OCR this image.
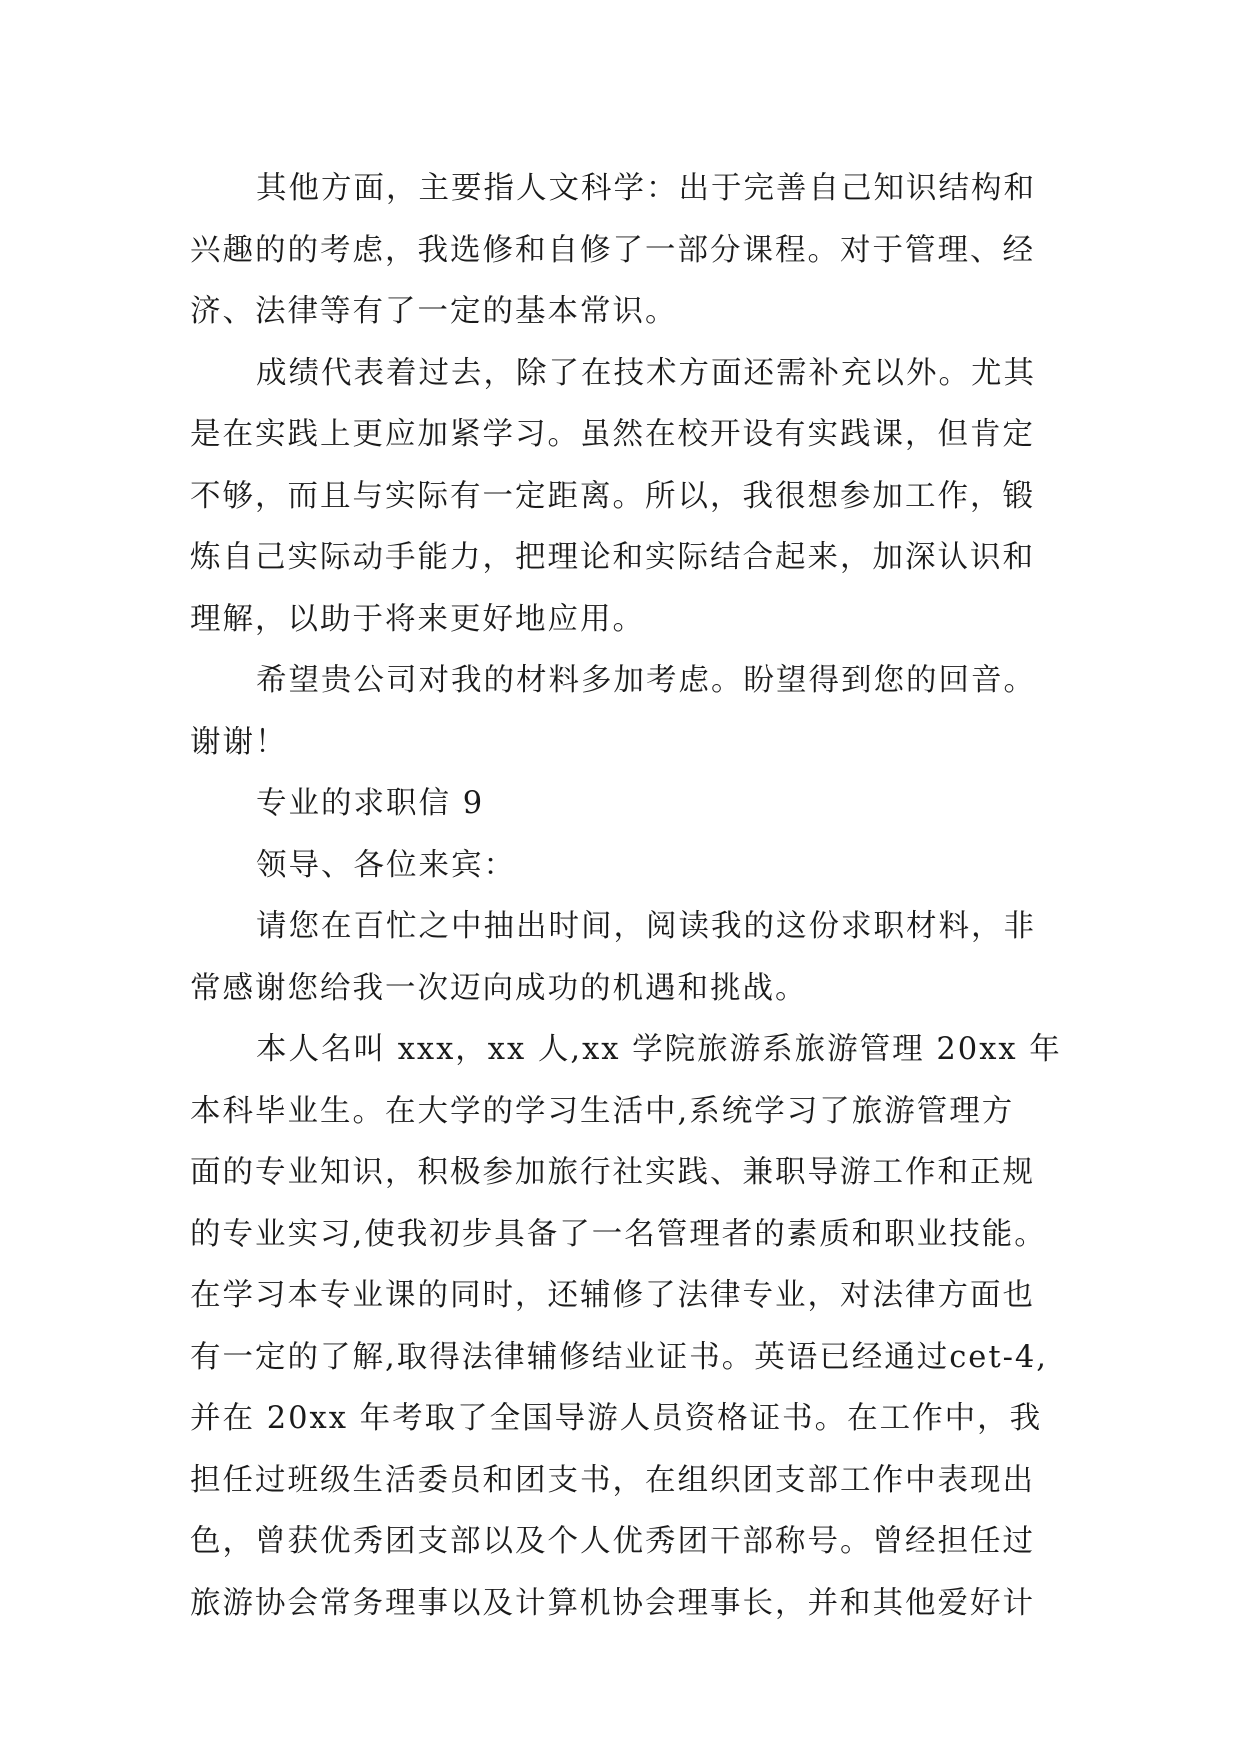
其他方面，主要指人文科学：出于完善自己知识结构和
兴趣的的考虑，我选修和自修了一部分课程。对于管理、经
济、法律等有了一定的基本常识。
成绩代表着过去，除了在技术方面还需补充以外。尤其
是在实践上更应加紧学习。虽然在校开设有实践课，但肯定
不够，而且与实际有一定距离。所以，我很想参加工作，锻
炼自己实际动手能力，把理论和实际结合起来，加深认识和
理解，以助于将来更好地应用。
希望贵公司对我的材料多加考虑。盼望得到您的回音。
谢谢！
专业的求职信 9
领导、各位来宾：
请您在百忙之中抽出时间，阅读我的这份求职材料，非
常感谢您给我一次迈向成功的机遇和挑战。
本人名叫 xxx，xx 人,xx 学院旅游系旅游管理 20xx 年
本科毕业生。在大学的学习生活中,系统学习了旅游管理方
面的专业知识，积极参加旅行社实践、兼职导游工作和正规
的专业实习,使我初步具备了一名管理者的素质和职业技能。
在学习本专业课的同时，还辅修了法律专业，对法律方面也
有一定的了解,取得法律辅修结业证书。英语已经通过cet-4,
并在 20xx 年考取了全国导游人员资格证书。在工作中，我
担任过班级生活委员和团支书，在组织团支部工作中表现出
色，曾获优秀团支部以及个人优秀团干部称号。曾经担任过
旅游协会常务理事以及计算机协会理事长，并和其他爱好计
